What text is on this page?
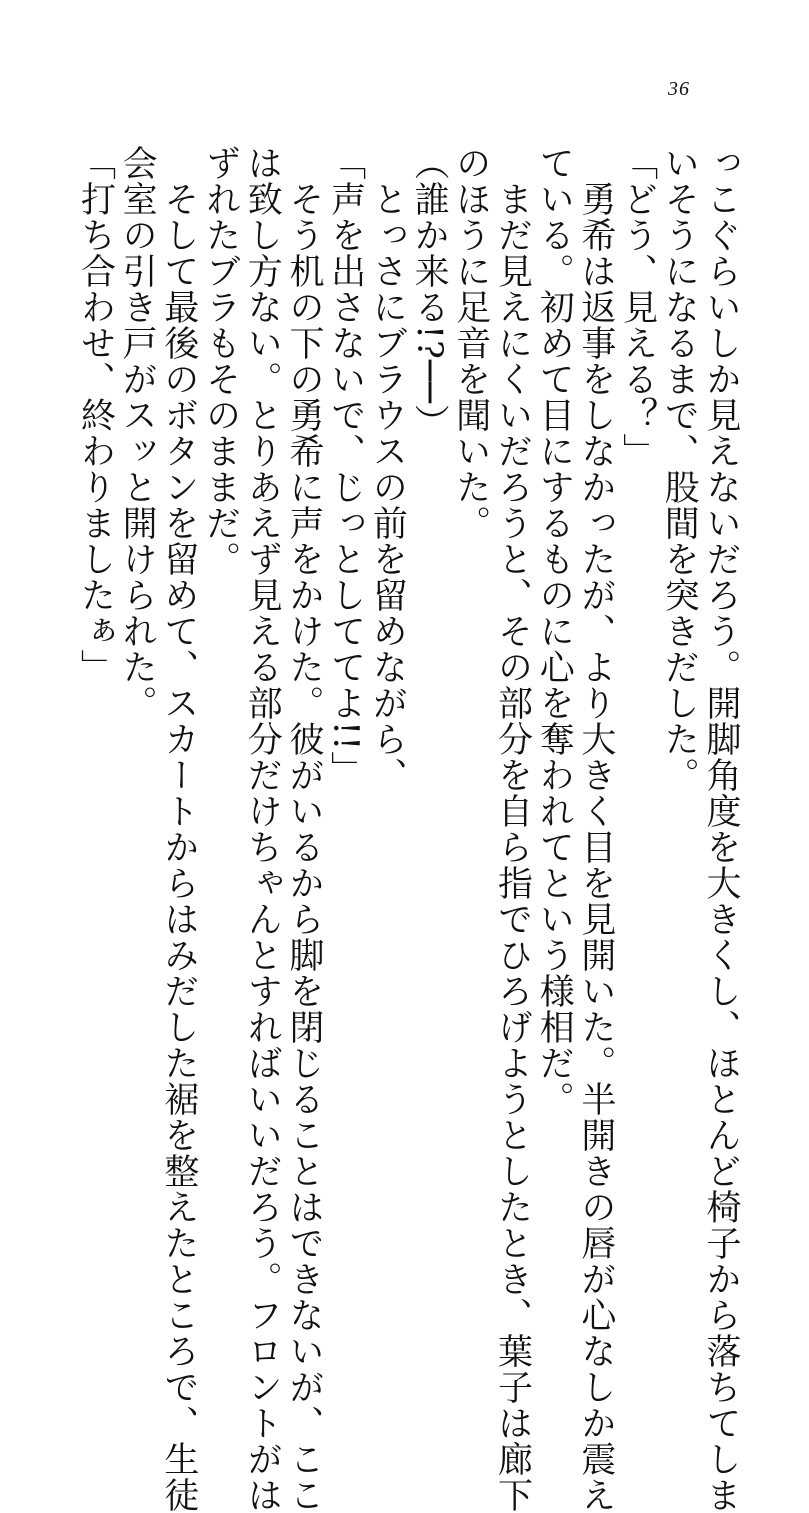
36
っこぐらいしか見えないだろう。開脚角度を大きくし、ほとんど椅子から落ちてしま
いそうになるまで、股間を突きだした。
「どう、見える？」
　勇希は返事をしなかったが、より大きく目を見開いた。半開きの唇が心なしか震え
ている。初めて目にするものに心を奪われてという様相だ。
　まだ見えにくいだろうと、その部分を自ら指でひろげようとしたとき、葉子は廊下
のほうに足音を聞いた。
（誰か来る!?──）
　とっさにブラウスの前を留めながら、
「声を出さないで、じっとしててよ!!」
　そう机の下の勇希に声をかけた。彼がいるから脚を閉じることはできないが、ここ
は致し方ない。とりあえず見える部分だけちゃんとすればいいだろう。フロントがは
ずれたブラもそのままだ。
　そして最後のボタンを留めて、スカートからはみだした裾を整えたところで、生徒
会室の引き戸がスッと開けられた。
「打ち合わせ、終わりましたぁ」
